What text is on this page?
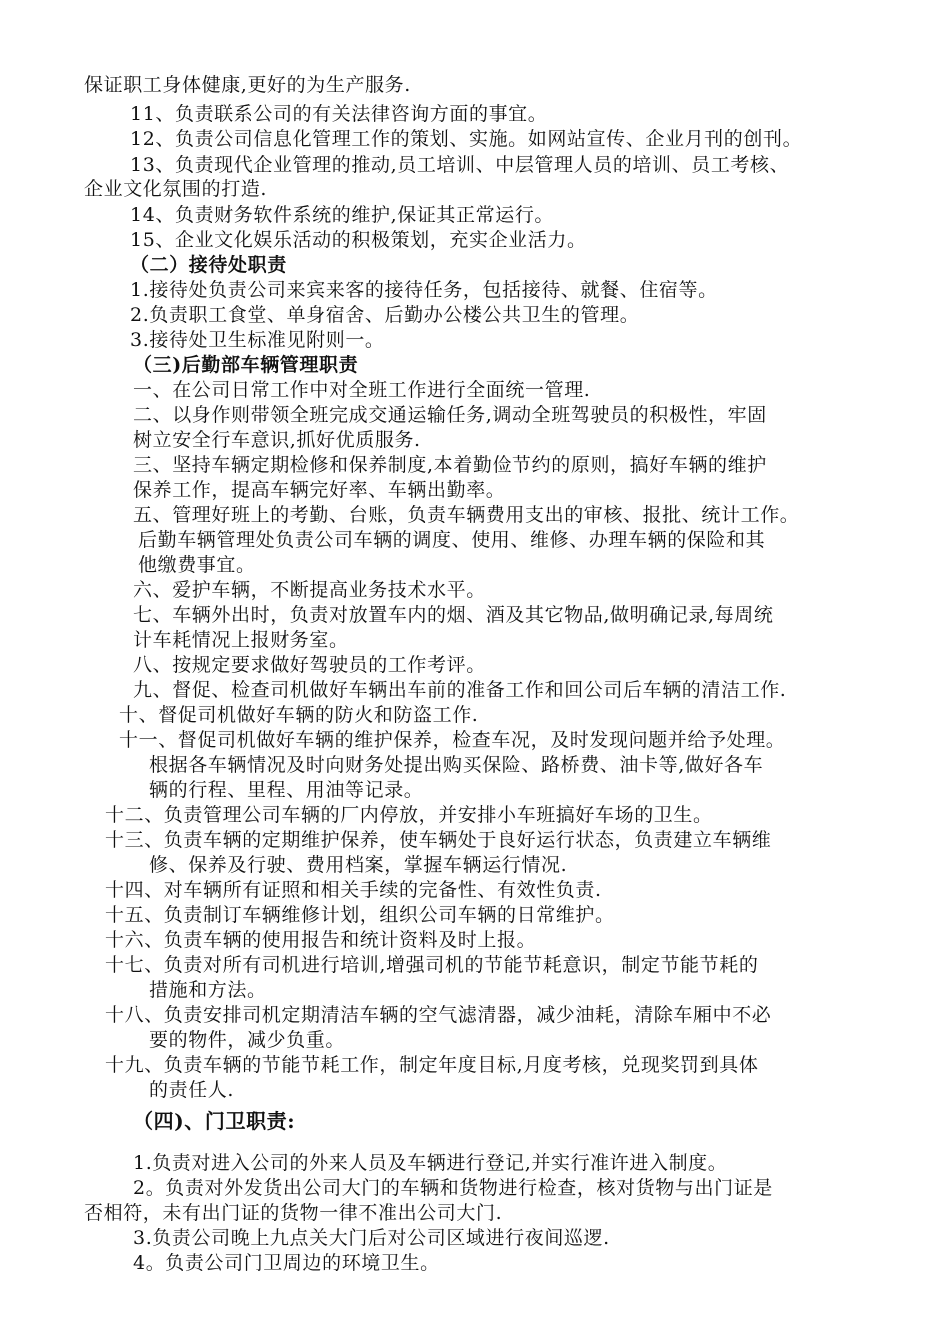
保证职工身体健康,更好的为生产服务.
11、负责联系公司的有关法律咨询方面的事宜。
12、负责公司信息化管理工作的策划、实施。如网站宣传、企业月刊的创刊。
13、负责现代企业管理的推动,员工培训、中层管理人员的培训、员工考核、
企业文化氛围的打造.
14、负责财务软件系统的维护,保证其正常运行。
15、企业文化娱乐活动的积极策划，充实企业活力。
（二）接待处职责
1.接待处负责公司来宾来客的接待任务，包括接待、就餐、住宿等。
2.负责职工食堂、单身宿舍、后勤办公楼公共卫生的管理。
3.接待处卫生标准见附则一。
（三)后勤部车辆管理职责
一、在公司日常工作中对全班工作进行全面统一管理.
二、以身作则带领全班完成交通运输任务,调动全班驾驶员的积极性，牢固
树立安全行车意识,抓好优质服务.
三、坚持车辆定期检修和保养制度,本着勤俭节约的原则，搞好车辆的维护
保养工作，提高车辆完好率、车辆出勤率。
五、管理好班上的考勤、台账，负责车辆费用支出的审核、报批、统计工作。
后勤车辆管理处负责公司车辆的调度、使用、维修、办理车辆的保险和其
他缴费事宜。
六、爱护车辆，不断提高业务技术水平。
七、车辆外出时，负责对放置车内的烟、酒及其它物品,做明确记录,每周统
计车耗情况上报财务室。
八、按规定要求做好驾驶员的工作考评。
九、督促、检查司机做好车辆出车前的准备工作和回公司后车辆的清洁工作.
十、督促司机做好车辆的防火和防盗工作.
十一、督促司机做好车辆的维护保养，检查车况，及时发现问题并给予处理。
根据各车辆情况及时向财务处提出购买保险、路桥费、油卡等,做好各车
辆的行程、里程、用油等记录。
十二、负责管理公司车辆的厂内停放，并安排小车班搞好车场的卫生。
十三、负责车辆的定期维护保养，使车辆处于良好运行状态，负责建立车辆维
修、保养及行驶、费用档案，掌握车辆运行情况.
十四、对车辆所有证照和相关手续的完备性、有效性负责.
十五、负责制订车辆维修计划，组织公司车辆的日常维护。
十六、负责车辆的使用报告和统计资料及时上报。
十七、负责对所有司机进行培训,增强司机的节能节耗意识，制定节能节耗的
措施和方法。
十八、负责安排司机定期清洁车辆的空气滤清器，减少油耗，清除车厢中不必
要的物件，减少负重。
十九、负责车辆的节能节耗工作，制定年度目标,月度考核，兑现奖罚到具体
的责任人.
（四)、门卫职责:
1.负责对进入公司的外来人员及车辆进行登记,并实行准许进入制度。
2。负责对外发货出公司大门的车辆和货物进行检查，核对货物与出门证是
否相符，未有出门证的货物一律不准出公司大门.
3.负责公司晚上九点关大门后对公司区域进行夜间巡逻.
4。负责公司门卫周边的环境卫生。
